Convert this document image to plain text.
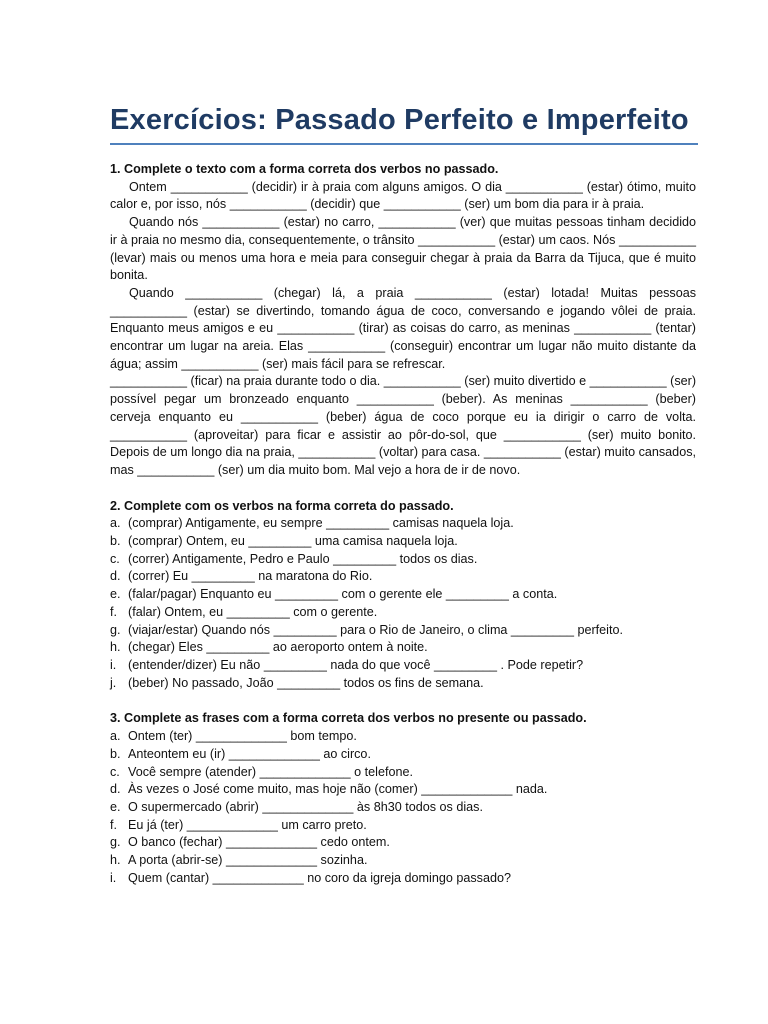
Exercícios: Passado Perfeito e Imperfeito
1. Complete o texto com a forma correta dos verbos no passado.
Ontem ___________ (decidir) ir à praia com alguns amigos. O dia ___________ (estar) ótimo, muito calor e, por isso, nós ___________ (decidir) que ___________ (ser) um bom dia para ir à praia.
Quando nós ___________ (estar) no carro, ___________ (ver) que muitas pessoas tinham decidido ir à praia no mesmo dia, consequentemente, o trânsito ___________ (estar) um caos. Nós ___________ (levar) mais ou menos uma hora e meia para conseguir chegar à praia da Barra da Tijuca, que é muito bonita.
Quando ___________ (chegar) lá, a praia ___________ (estar) lotada! Muitas pessoas ___________ (estar) se divertindo, tomando água de coco, conversando e jogando vôlei de praia. Enquanto meus amigos e eu ___________ (tirar) as coisas do carro, as meninas ___________ (tentar) encontrar um lugar na areia. Elas ___________ (conseguir) encontrar um lugar não muito distante da água; assim ___________ (ser) mais fácil para se refrescar.
___________ (ficar) na praia durante todo o dia. ___________ (ser) muito divertido e ___________ (ser) possível pegar um bronzeado enquanto ___________ (beber). As meninas ___________ (beber) cerveja enquanto eu ___________ (beber) água de coco porque eu ia dirigir o carro de volta. ___________ (aproveitar) para ficar e assistir ao pôr-do-sol, que ___________ (ser) muito bonito. Depois de um longo dia na praia, ___________ (voltar) para casa. ___________ (estar) muito cansados, mas ___________ (ser) um dia muito bom. Mal vejo a hora de ir de novo.
2. Complete com os verbos na forma correta do passado.
a. (comprar) Antigamente, eu sempre _________ camisas naquela loja.
b. (comprar) Ontem, eu _________ uma camisa naquela loja.
c. (correr) Antigamente, Pedro e Paulo _________ todos os dias.
d. (correr) Eu _________ na maratona do Rio.
e. (falar/pagar) Enquanto eu _________ com o gerente ele _________ a conta.
f. (falar) Ontem, eu _________ com o gerente.
g. (viajar/estar) Quando nós _________ para o Rio de Janeiro, o clima _________ perfeito.
h. (chegar) Eles _________ ao aeroporto ontem à noite.
i. (entender/dizer) Eu não _________ nada do que você _________ . Pode repetir?
j. (beber) No passado, João _________ todos os fins de semana.
3. Complete as frases com a forma correta dos verbos no presente ou passado.
a. Ontem (ter) _____________ bom tempo.
b. Anteontem eu (ir) _____________ ao circo.
c. Você sempre (atender) _____________ o telefone.
d. Às vezes o José come muito, mas hoje não (comer) _____________ nada.
e. O supermercado (abrir) _____________ às 8h30 todos os dias.
f. Eu já (ter) _____________ um carro preto.
g. O banco (fechar) _____________ cedo ontem.
h. A porta (abrir-se) _____________ sozinha.
i. Quem (cantar) _____________ no coro da igreja domingo passado?
